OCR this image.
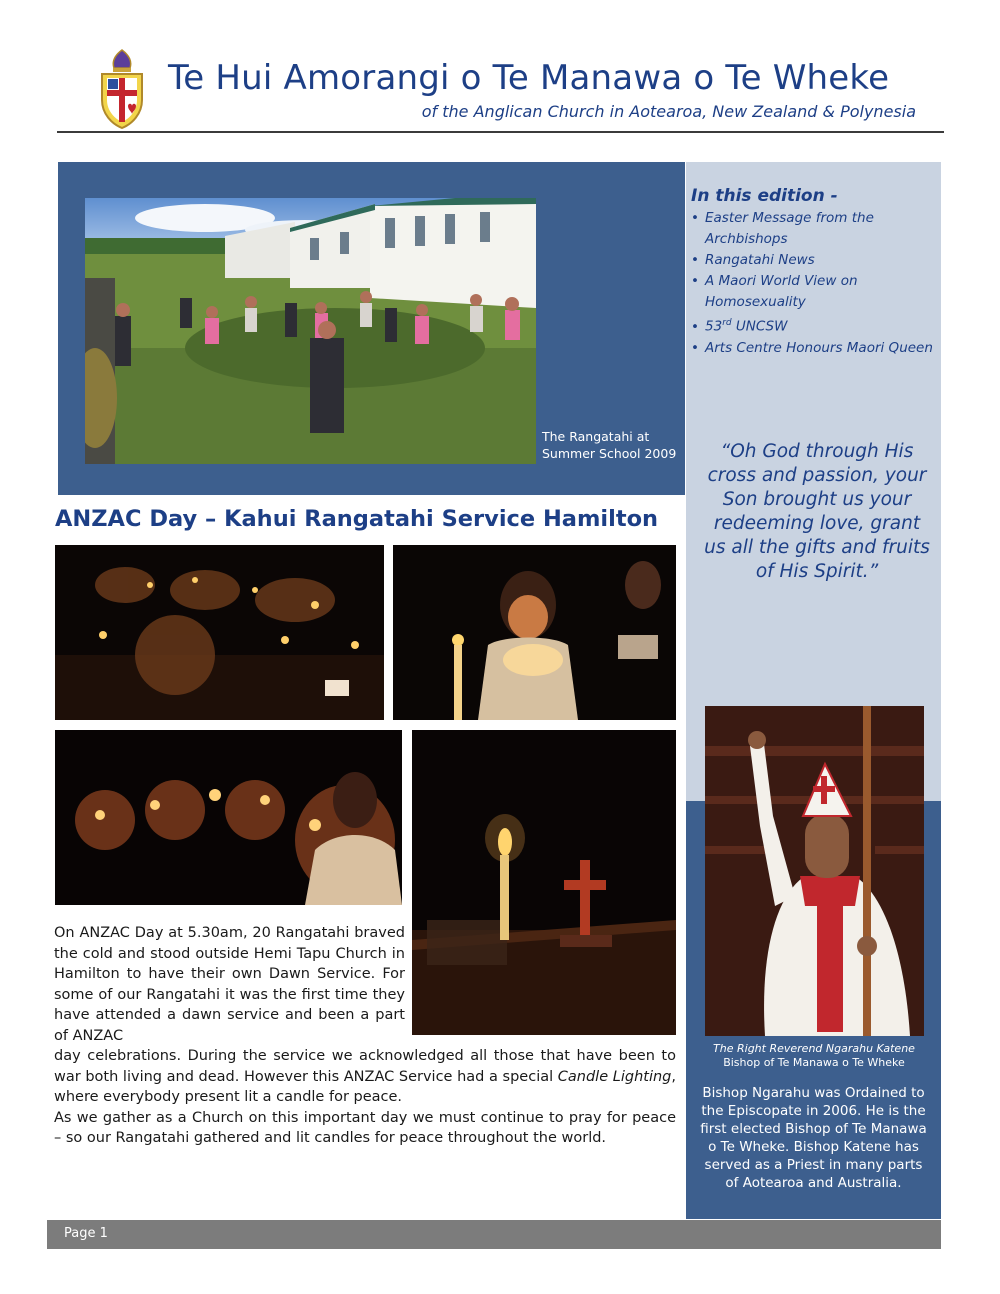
Te Hui Amorangi o Te Manawa o Te Wheke
of the Anglican Church in Aotearoa, New Zealand & Polynesia
The Rangatahi at
Summer School 2009
In this edition -
• Easter Message from the Archbishops
• Rangatahi News
• A Maori World View on Homosexuality
• 53rd UNCSW
• Arts Centre Honours Maori Queen
“Oh God through His cross and passion, your Son brought us your redeeming love, grant us all the gifts and fruits of His Spirit.”
The Right Reverend Ngarahu Katene
Bishop of Te Manawa o Te Wheke
Bishop Ngarahu was Ordained to the Episcopate in 2006. He is the first elected Bishop of Te Manawa o Te Wheke. Bishop Katene has served as a Priest in many parts of Aotearoa and Australia.
ANZAC Day – Kahui Rangatahi Service Hamilton
On ANZAC Day at 5.30am, 20 Rangatahi braved the cold and stood outside Hemi Tapu Church in Hamilton to have their own Dawn Service. For some of our Rangatahi it was the first time they have attended a dawn service and been a part of ANZAC

day celebrations. During the service we acknowledged all those that have been to war both living and dead. However this ANZAC Service had a special Candle Lighting, where everybody present lit a candle for peace.

As we gather as a Church on this important day we must continue to pray for peace – so our Rangatahi gathered and lit candles for peace throughout the world.

Page 1
